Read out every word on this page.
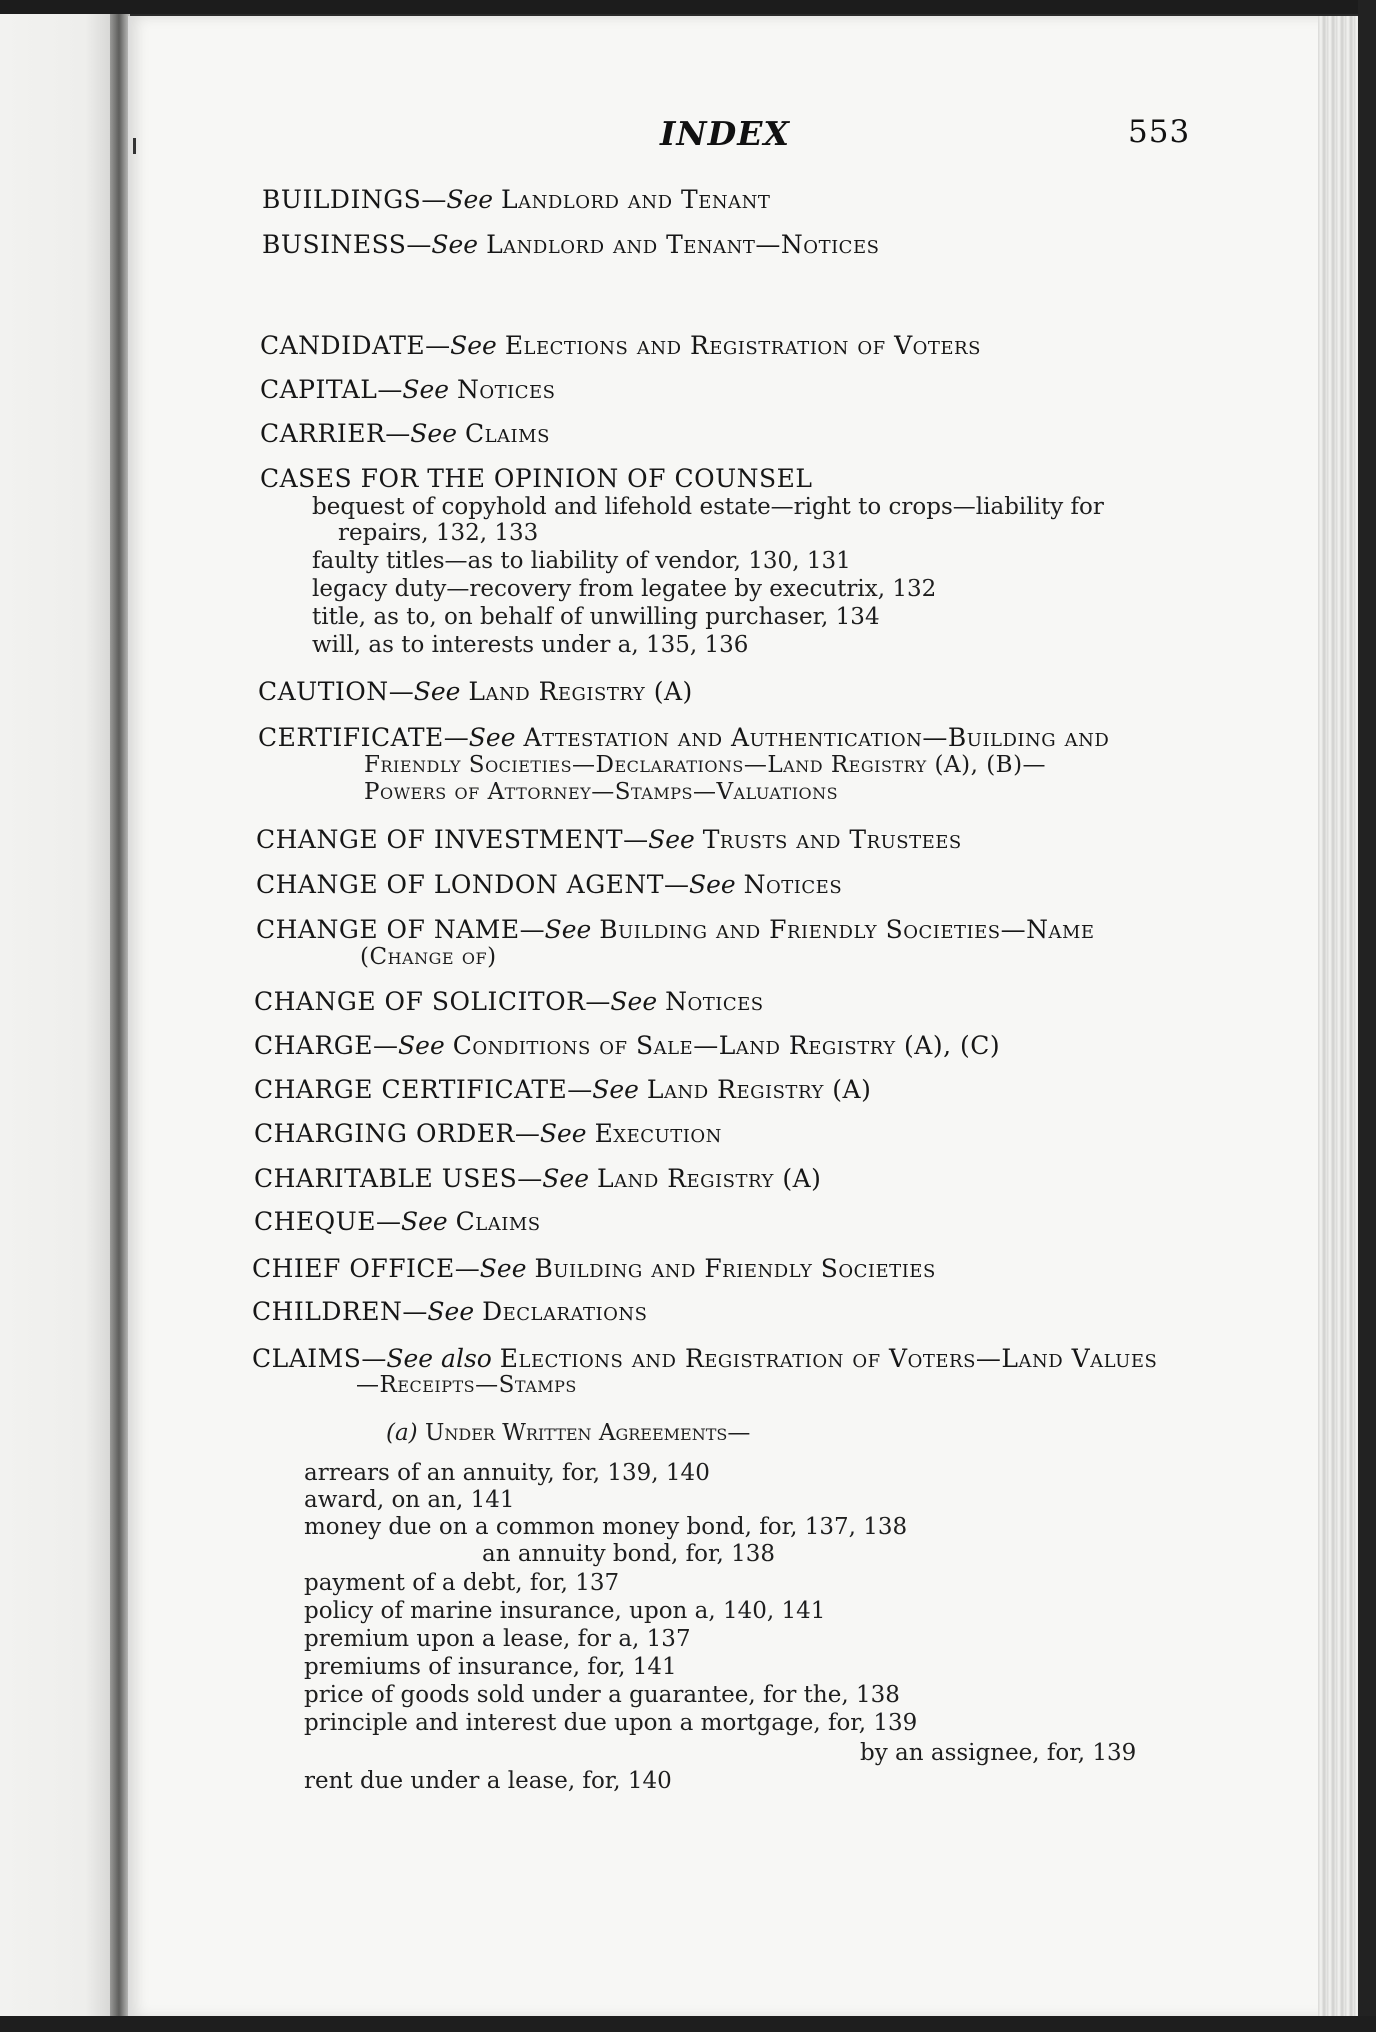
INDEX	553
BUILDINGS—See Landlord and Tenant
BUSINESS—See Landlord and Tenant—Notices
CANDIDATE—See Elections and Registration of Voters
CAPITAL—See Notices
CARRIER—See Claims
CASES FOR THE OPINION OF COUNSEL
bequest of copyhold and lifehold estate—right to crops—liability for
repairs, 132, 133
faulty titles—as to liability of vendor, 130, 131
legacy duty—recovery from legatee by executrix, 132
title, as to, on behalf of unwilling purchaser, 134
will, as to interests under a, 135, 136
CAUTION—See Land Registry (A)
CERTIFICATE—See Attestation and Authentication—Building and
Friendly Societies—Declarations—Land Registry (A), (B)—
Powers of Attorney—Stamps—Valuations
CHANGE OF INVESTMENT—See Trusts and Trustees
CHANGE OF LONDON AGENT—See Notices
CHANGE OF NAME—See Building and Friendly Societies—Name
(Change of)
CHANGE OF SOLICITOR—See Notices
CHARGE—See Conditions of Sale—Land Registry (A), (C)
CHARGE CERTIFICATE—See Land Registry (A)
CHARGING ORDER—See Execution
CHARITABLE USES—See Land Registry (A)
CHEQUE—See Claims
CHIEF OFFICE—See Building and Friendly Societies
CHILDREN—See Declarations
CLAIMS—See also Elections and Registration of Voters—Land Values
—Receipts—Stamps
(a) Under Written Agreements—
arrears of an annuity, for, 139, 140
award, on an, 141
money due on a common money bond, for, 137, 138
an annuity bond, for, 138
payment of a debt, for, 137
policy of marine insurance, upon a, 140, 141
premium upon a lease, for a, 137
premiums of insurance, for, 141
price of goods sold under a guarantee, for the, 138
principle and interest due upon a mortgage, for, 139
by an assignee, for, 139
rent due under a lease, for, 140
